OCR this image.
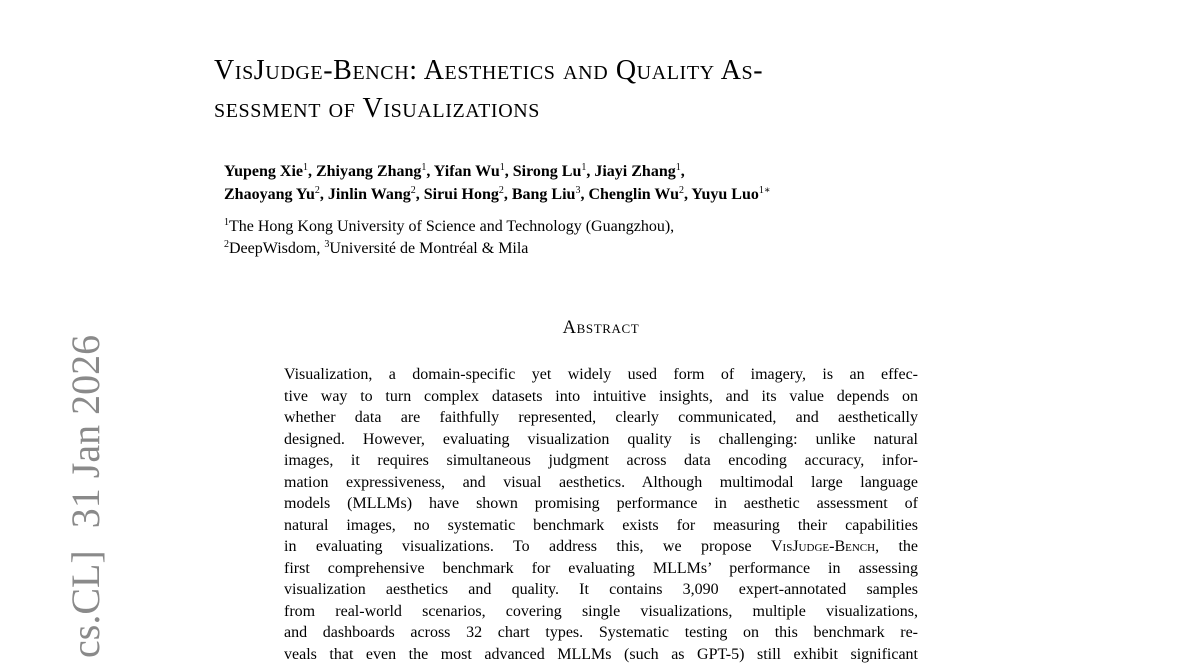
cs.CL]31 Jan 2026
VisJudge-Bench: Aesthetics and Quality As-
sessment of Visualizations
Yupeng Xie$^1$, Zhiyang Zhang$^1$, Yifan Wu$^1$, Sirong Lu$^1$, Jiayi Zhang$^1$,
Zhaoyang Yu$^2$, Jinlin Wang$^2$, Sirui Hong$^2$, Bang Liu$^3$, Chenglin Wu$^2$, Yuyu Luo$^{1∗}$
$^1$The Hong Kong University of Science and Technology (Guangzhou),
$^2$DeepWisdom, $^3$Université de Montréal & Mila
Abstract
Visualization, a domain-specific yet widely used form of imagery, is an effec-
tive way to turn complex datasets into intuitive insights, and its value depends on
whether data are faithfully represented, clearly communicated, and aesthetically
designed. However, evaluating visualization quality is challenging: unlike natural
images, it requires simultaneous judgment across data encoding accuracy, infor-
mation expressiveness, and visual aesthetics. Although multimodal large language
models (MLLMs) have shown promising performance in aesthetic assessment of
natural images, no systematic benchmark exists for measuring their capabilities
in evaluating visualizations. To address this, we propose VisJudge-Bench, the
first comprehensive benchmark for evaluating MLLMs’ performance in assessing
visualization aesthetics and quality. It contains 3,090 expert-annotated samples
from real-world scenarios, covering single visualizations, multiple visualizations,
and dashboards across 32 chart types. Systematic testing on this benchmark re-
veals that even the most advanced MLLMs (such as GPT-5) still exhibit significant
